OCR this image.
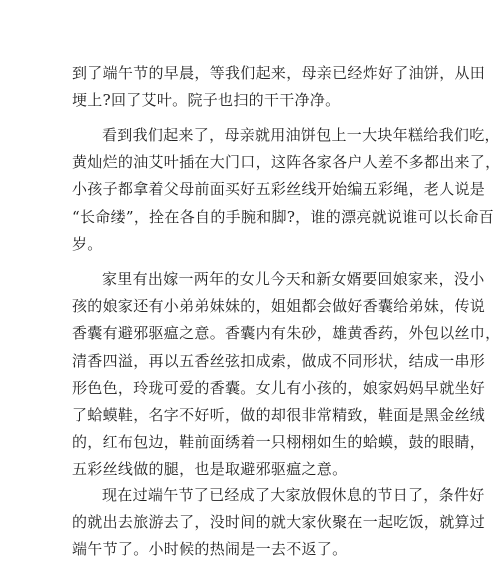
到了端午节的早晨，等我们起来，母亲已经炸好了油饼，从田
埂上?回了艾叶。院子也扫的干干净净。

看到我们起来了，母亲就用油饼包上一大块年糕给我们吃，
黄灿烂的油艾叶插在大门口，这阵各家各户人差不多都出来了，
小孩子都拿着父母前面买好五彩丝线开始编五彩绳，老人说是
“长命缕”，拴在各自的手腕和脚?，谁的漂亮就说谁可以长命百
岁。

家里有出嫁一两年的女儿今天和新女婿要回娘家来，没小
孩的娘家还有小弟弟妹妹的，姐姐都会做好香囊给弟妹，传说
香囊有避邪驱瘟之意。香囊内有朱砂，雄黄香药，外包以丝巾，
清香四溢，再以五香丝弦扣成索，做成不同形状，结成一串形
形色色，玲珑可爱的香囊。女儿有小孩的，娘家妈妈早就坐好
了蛤蟆鞋，名字不好听，做的却很非常精致，鞋面是黑金丝绒
的，红布包边，鞋前面绣着一只栩栩如生的蛤蟆，鼓的眼睛，
五彩丝线做的腿，也是取避邪驱瘟之意。

现在过端午节了已经成了大家放假休息的节日了，条件好
的就出去旅游去了，没时间的就大家伙聚在一起吃饭，就算过
端午节了。小时候的热闹是一去不返了。
